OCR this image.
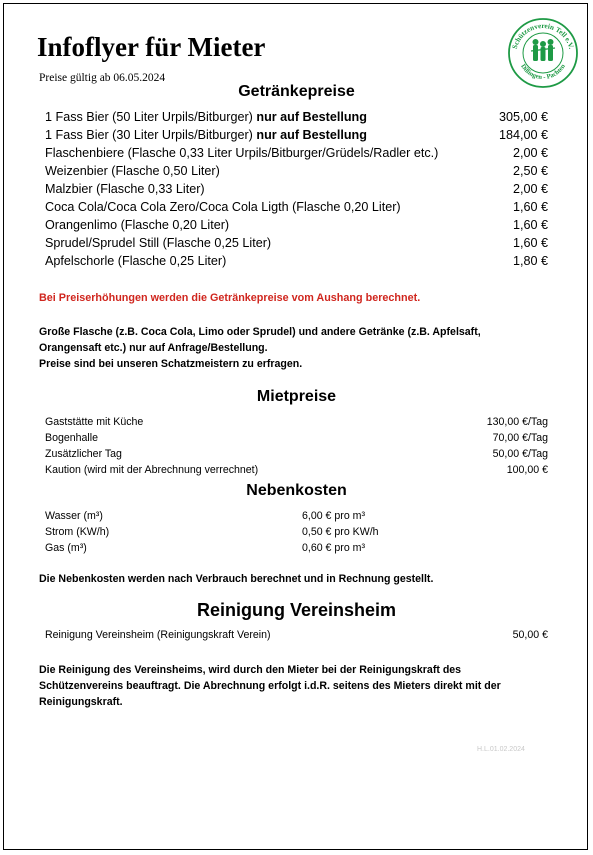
Infoflyer für Mieter
Preise gültig ab 06.05.2024
Schützenverein Tell e.V.
Dillingen - Pachten
Getränkepreise
1 Fass Bier (50 Liter Urpils/Bitburger) nur auf Bestellung	305,00 €
1 Fass Bier (30 Liter Urpils/Bitburger) nur auf Bestellung	184,00 €
Flaschenbiere (Flasche 0,33 Liter Urpils/Bitburger/Grüdels/Radler etc.)	2,00 €
Weizenbier (Flasche 0,50 Liter)	2,50 €
Malzbier (Flasche 0,33 Liter)	2,00 €
Coca Cola/Coca Cola Zero/Coca Cola Ligth (Flasche 0,20 Liter)	1,60 €
Orangenlimo (Flasche 0,20 Liter)	1,60 €
Sprudel/Sprudel Still (Flasche 0,25 Liter)	1,60 €
Apfelschorle (Flasche 0,25 Liter)	1,80 €
Bei Preiserhöhungen werden die Getränkepreise vom Aushang berechnet.
Große Flasche (z.B. Coca Cola, Limo oder Sprudel) und andere Getränke (z.B. Apfelsaft,
Orangensaft etc.) nur auf Anfrage/Bestellung.
Preise sind bei unseren Schatzmeistern zu erfragen.
Mietpreise
Gaststätte mit Küche	130,00 €/Tag
Bogenhalle	70,00 €/Tag
Zusätzlicher Tag	50,00 €/Tag
Kaution (wird mit der Abrechnung verrechnet)	100,00 €
Nebenkosten
Wasser (m³)	6,00 € pro m³
Strom (KW/h)	0,50 € pro KW/h
Gas (m³)	0,60 € pro m³
Die Nebenkosten werden nach Verbrauch berechnet und in Rechnung gestellt.
Reinigung Vereinsheim
Reinigung Vereinsheim (Reinigungskraft Verein)	50,00 €
Die Reinigung des Vereinsheims, wird durch den Mieter bei der Reinigungskraft des
Schützenvereins beauftragt. Die Abrechnung erfolgt i.d.R. seitens des Mieters direkt mit der
Reinigungskraft.
H.L.01.02.2024
